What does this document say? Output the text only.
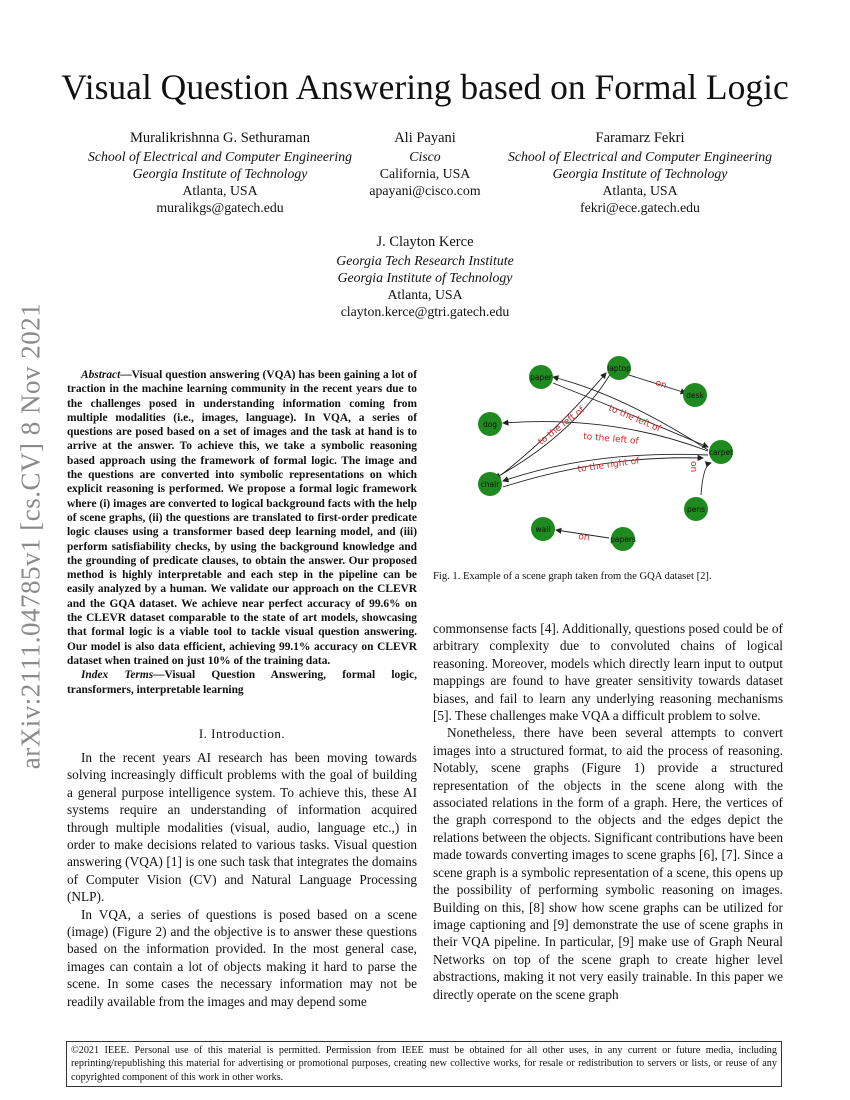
arXiv:2111.04785v1 [cs.CV] 8 Nov 2021
Visual Question Answering based on Formal Logic
Muralikrishnna G. Sethuraman
School of Electrical and Computer Engineering
Georgia Institute of Technology
Atlanta, USA
muralikgs@gatech.edu
Ali Payani
Cisco
California, USA
apayani@cisco.com
Faramarz Fekri
School of Electrical and Computer Engineering
Georgia Institute of Technology
Atlanta, USA
fekri@ece.gatech.edu
J. Clayton Kerce
Georgia Tech Research Institute
Georgia Institute of Technology
Atlanta, USA
clayton.kerce@gtri.gatech.edu

Abstract—Visual question answering (VQA) has been gaining a lot of traction in the machine learning community in the recent years due to the challenges posed in understanding information coming from multiple modalities (i.e., images, language). In VQA, a series of questions are posed based on a set of images and the task at hand is to arrive at the answer. To achieve this, we take a symbolic reasoning based approach using the framework of formal logic. The image and the questions are converted into symbolic representations on which explicit reasoning is performed. We propose a formal logic framework where (i) images are converted to logical background facts with the help of scene graphs, (ii) the questions are translated to first-order predicate logic clauses using a transformer based deep learning model, and (iii) perform satisfiability checks, by using the background knowledge and the grounding of predicate clauses, to obtain the answer. Our proposed method is highly interpretable and each step in the pipeline can be easily analyzed by a human. We validate our approach on the CLEVR and the GQA dataset. We achieve near perfect accuracy of 99.6% on the CLEVR dataset comparable to the state of art models, showcasing that formal logic is a viable tool to tackle visual question answering. Our model is also data efficient, achieving 99.1% accuracy on CLEVR dataset when trained on just 10% of the training data.

Index Terms—Visual Question Answering, formal logic, transformers, interpretable learning

I. Introduction.

In the recent years AI research has been moving towards solving increasingly difficult problems with the goal of building a general purpose intelligence system. To achieve this, these AI systems require an understanding of information acquired through multiple modalities (visual, audio, language etc.,) in order to make decisions related to various tasks. Visual question answering (VQA) [1] is one such task that integrates the domains of Computer Vision (CV) and Natural Language Processing (NLP).

In VQA, a series of questions is posed based on a scene (image) (Figure 2) and the objective is to answer these questions based on the information provided. In the most general case, images can contain a lot of objects making it hard to parse the scene. In some cases the necessary information may not be readily available from the images and may depend some

on
to the left of to the left of
to the left of
to the right of	on
on
paper
laptop
desk
dog
carpet
chair
pens
wall
papers
Fig. 1. Example of a scene graph taken from the GQA dataset [2].

commonsense facts [4]. Additionally, questions posed could be of arbitrary complexity due to convoluted chains of logical reasoning. Moreover, models which directly learn input to output mappings are found to have greater sensitivity towards dataset biases, and fail to learn any underlying reasoning mechanisms [5]. These challenges make VQA a difficult problem to solve.

Nonetheless, there have been several attempts to convert images into a structured format, to aid the process of reasoning. Notably, scene graphs (Figure 1) provide a structured representation of the objects in the scene along with the associated relations in the form of a graph. Here, the vertices of the graph correspond to the objects and the edges depict the relations between the objects. Significant contributions have been made towards converting images to scene graphs [6], [7]. Since a scene graph is a symbolic representation of a scene, this opens up the possibility of performing symbolic reasoning on images. Building on this, [8] show how scene graphs can be utilized for image captioning and [9] demonstrate the use of scene graphs in their VQA pipeline. In particular, [9] make use of Graph Neural Networks on top of the scene graph to create higher level abstractions, making it not very easily trainable. In this paper we directly operate on the scene graph

©2021 IEEE. Personal use of this material is permitted. Permission from IEEE must be obtained for all other uses, in any current or future media, including reprinting/republishing this material for advertising or promotional purposes, creating new collective works, for resale or redistribution to servers or lists, or reuse of any copyrighted component of this work in other works.
